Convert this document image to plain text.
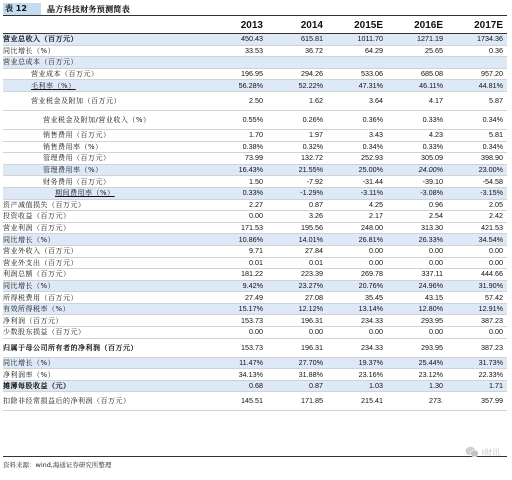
表 12	晶方科技财务预测简表
	2013	2014	2015E	2016E	2017E
营业总收入（百万元）	450.43	615.81	1011.70	1271.19	1734.36
同比增长（%）	33.53	36.72	64.29	25.65	0.36
营业总成本（百万元）					
营业成本（百万元）	196.95	294.26	533.06	685.08	957.20
毛利率（%）	56.28%	52.22%	47.31%	46.11%	44.81%
营业税金及附加（百万元）	2.50	1.62	3.64	4.17	5.87
营业税金及附加/营业收入（%）	0.55%	0.26%	0.36%	0.33%	0.34%
销售费用（百万元）	1.70	1.97	3.43	4.23	5.81
销售费用率（%）	0.38%	0.32%	0.34%	0.33%	0.34%
管理费用（百万元）	73.99	132.72	252.93	305.09	398.90
管理费用率（%）	16.43%	21.55%	25.00%	24.00%	23.00%
财务费用（百万元）	1.50	-7.92	-31.44	-39.10	-54.58
期间费用率（%）	0.33%	-1.29%	-3.11%	-3.08%	-3.15%
资产减值损失（百万元）	2.27	0.87	4.25	0.96	2.05
投资收益（百万元）	0.00	3.26	2.17	2.54	2.42
营业利润（百万元）	171.53	195.56	248.00	313.30	421.53
同比增长（%）	10.86%	14.01%	26.81%	26.33%	34.54%
营业外收入（百万元）	9.71	27.84	0.00	0.00	0.00
营业外支出（百万元）	0.01	0.01	0.00	0.00	0.00
利润总额（百万元）	181.22	223.39	269.78	337.11	444.66
同比增长（%）	9.42%	23.27%	20.76%	24.96%	31.90%
所得税费用（百万元）	27.49	27.08	35.45	43.15	57.42
有效所得税率（%）	15.17%	12.12%	13.14%	12.80%	12.91%
净利润（百万元）	153.73	196.31	234.33	293.95	387.23
少数股东损益（百万元）	0.00	0.00	0.00	0.00	0.00
归属于母公司所有者的净利润（百万元）	153.73	196.31	234.33	293.95	387.23
同比增长（%）	11.47%	27.70%	19.37%	25.44%	31.73%
净利润率（%）	34.13%	31.88%	23.16%	23.12%	22.33%
摊薄每股收益（元）	0.68	0.87	1.03	1.30	1.71
扣除非经常损益后的净利润（百万元）	145.51	171.85	215.41	273.	357.99
资料来源：wind,海通证券研究所整理
i财讯
